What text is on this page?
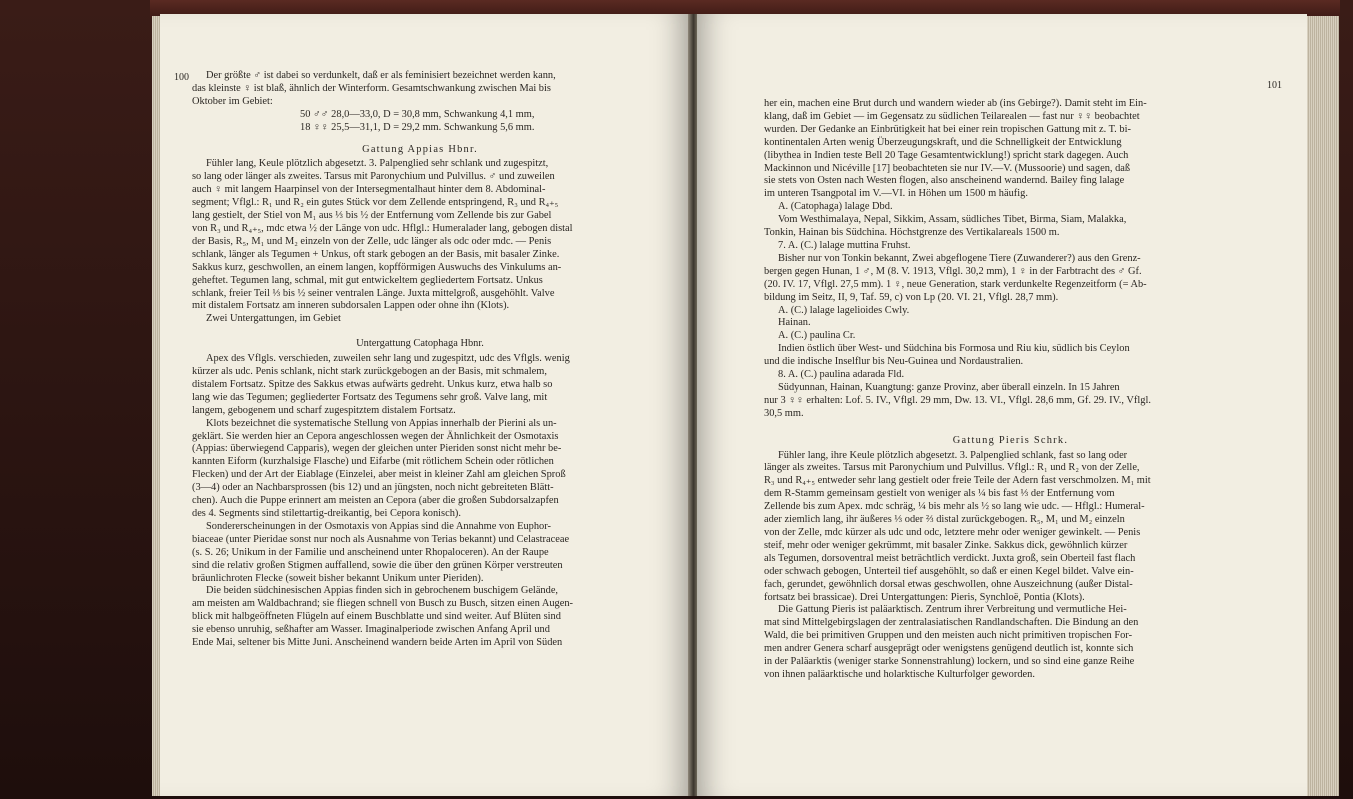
100	Der größte ♂ ist dabei so verdunkelt, daß er als feminisiert bezeichnet werden kann,

das kleinste ♀ ist blaß, ähnlich der Winterform. Gesamtschwankung zwischen Mai bis

Oktober im Gebiet:

50 ♂♂ 28,0—33,0, D = 30,8 mm, Schwankung 4,1 mm,

18 ♀♀ 25,5—31,1, D = 29,2 mm. Schwankung 5,6 mm.

Gattung Appias Hbnr.

Fühler lang, Keule plötzlich abgesetzt. 3. Palpenglied sehr schlank und zugespitzt,

so lang oder länger als zweites. Tarsus mit Paronychium und Pulvillus. ♂ und zuweilen

auch ♀ mit langem Haarpinsel von der Intersegmentalhaut hinter dem 8. Abdominal-

segment; Vflgl.: R₁ und R₂ ein gutes Stück vor dem Zellende entspringend, R₃ und R₄₊₅

lang gestielt, der Stiel von M₁ aus ⅓ bis ½ der Entfernung vom Zellende bis zur Gabel

von R₃ und R₄₊₅, mdc etwa ½ der Länge von udc. Hflgl.: Humeralader lang, gebogen distal

der Basis, R₅, M₁ und M₂ einzeln von der Zelle, udc länger als odc oder mdc. — Penis

schlank, länger als Tegumen + Unkus, oft stark gebogen an der Basis, mit basaler Zinke.

Sakkus kurz, geschwollen, an einem langen, kopfförmigen Auswuchs des Vinkulums an-

geheftet. Tegumen lang, schmal, mit gut entwickeltem gegliedertem Fortsatz. Unkus

schlank, freier Teil ⅓ bis ½ seiner ventralen Länge. Juxta mittelgroß, ausgehöhlt. Valve

mit distalem Fortsatz am inneren subdorsalen Lappen oder ohne ihn (Klots).

Zwei Untergattungen, im Gebiet

Untergattung Catophaga Hbnr.

Apex des Vflgls. verschieden, zuweilen sehr lang und zugespitzt, udc des Vflgls. wenig

kürzer als udc. Penis schlank, nicht stark zurückgebogen an der Basis, mit schmalem,

distalem Fortsatz. Spitze des Sakkus etwas aufwärts gedreht. Unkus kurz, etwa halb so

lang wie das Tegumen; gegliederter Fortsatz des Tegumens sehr groß. Valve lang, mit

langem, gebogenem und scharf zugespitztem distalem Fortsatz.

Klots bezeichnet die systematische Stellung von Appias innerhalb der Pierini als un-

geklärt. Sie werden hier an Cepora angeschlossen wegen der Ähnlichkeit der Osmotaxis

(Appias: überwiegend Capparis), wegen der gleichen unter Pieriden sonst nicht mehr be-

kannten Eiform (kurzhalsige Flasche) und Eifarbe (mit rötlichem Schein oder rötlichen

Flecken) und der Art der Eiablage (Einzelei, aber meist in kleiner Zahl am gleichen Sproß

(3—4) oder an Nachbarsprossen (bis 12) und an jüngsten, noch nicht gebreiteten Blätt-

chen). Auch die Puppe erinnert am meisten an Cepora (aber die großen Subdorsalzapfen

des 4. Segments sind stilettartig-dreikantig, bei Cepora konisch).

Sondererscheinungen in der Osmotaxis von Appias sind die Annahme von Euphor-

biaceae (unter Pieridae sonst nur noch als Ausnahme von Terias bekannt) und Celastraceae

(s. S. 26; Unikum in der Familie und anscheinend unter Rhopaloceren). An der Raupe

sind die relativ großen Stigmen auffallend, sowie die über den grünen Körper verstreuten

bräunlichroten Flecke (soweit bisher bekannt Unikum unter Pieriden).

Die beiden südchinesischen Appias finden sich in gebrochenem buschigem Gelände,

am meisten am Waldbachrand; sie fliegen schnell von Busch zu Busch, sitzen einen Augen-

blick mit halbgeöffneten Flügeln auf einem Buschblatte und sind weiter. Auf Blüten sind

sie ebenso unruhig, seßhafter am Wasser. Imaginalperiode zwischen Anfang April und

Ende Mai, seltener bis Mitte Juni. Anscheinend wandern beide Arten im April von Süden

101

her ein, machen eine Brut durch und wandern wieder ab (ins Gebirge?). Damit steht im Ein-

klang, daß im Gebiet — im Gegensatz zu südlichen Teilarealen — fast nur ♀♀ beobachtet

wurden. Der Gedanke an Einbrütigkeit hat bei einer rein tropischen Gattung mit z. T. bi-

kontinentalen Arten wenig Überzeugungskraft, und die Schnelligkeit der Entwicklung

(libythea in Indien teste Bell 20 Tage Gesamtentwicklung!) spricht stark dagegen. Auch

Mackinnon und Nicéville [17] beobachteten sie nur IV.—V. (Mussoorie) und sagen, daß

sie stets von Osten nach Westen flogen, also anscheinend wandernd. Bailey fing lalage

im unteren Tsangpotal im V.—VI. in Höhen um 1500 m häufig.

A. (Catophaga) lalage Dbd.

Vom Westhimalaya, Nepal, Sikkim, Assam, südliches Tibet, Birma, Siam, Malakka,

Tonkin, Hainan bis Südchina. Höchstgrenze des Vertikalareals 1500 m.

7. A. (C.) lalage muttina Fruhst.

Bisher nur von Tonkin bekannt, Zwei abgeflogene Tiere (Zuwanderer?) aus den Grenz-

bergen gegen Hunan, 1 ♂, M (8. V. 1913, Vflgl. 30,2 mm), 1 ♀ in der Farbtracht des ♂ Gf.

(20. IV. 17, Vflgl. 27,5 mm). 1 ♀, neue Generation, stark verdunkelte Regenzeitform (= Ab-

bildung im Seitz, II, 9, Taf. 59, c) von Lp (20. VI. 21, Vflgl. 28,7 mm).

A. (C.) lalage lagelioides Cwly.

Hainan.

A. (C.) paulina Cr.

Indien östlich über West- und Südchina bis Formosa und Riu kiu, südlich bis Ceylon

und die indische Inselflur bis Neu-Guinea und Nordaustralien.

8. A. (C.) paulina adarada Fld.

Südyunnan, Hainan, Kuangtung: ganze Provinz, aber überall einzeln. In 15 Jahren

nur 3 ♀♀ erhalten: Lof. 5. IV., Vflgl. 29 mm, Dw. 13. VI., Vflgl. 28,6 mm, Gf. 29. IV., Vflgl.

30,5 mm.

Gattung Pieris Schrk.

Fühler lang, ihre Keule plötzlich abgesetzt. 3. Palpenglied schlank, fast so lang oder

länger als zweites. Tarsus mit Paronychium und Pulvillus. Vflgl.: R₁ und R₂ von der Zelle,

R₃ und R₄₊₅ entweder sehr lang gestielt oder freie Teile der Adern fast verschmolzen. M₁ mit

dem R-Stamm gemeinsam gestielt von weniger als ¼ bis fast ⅓ der Entfernung vom

Zellende bis zum Apex. mdc schräg, ¼ bis mehr als ½ so lang wie udc. — Hflgl.: Humeral-

ader ziemlich lang, ihr äußeres ⅓ oder ⅔ distal zurückgebogen. R₅, M₁ und M₂ einzeln

von der Zelle, mdc kürzer als udc und odc, letztere mehr oder weniger gewinkelt. — Penis

steif, mehr oder weniger gekrümmt, mit basaler Zinke. Sakkus dick, gewöhnlich kürzer

als Tegumen, dorsoventral meist beträchtlich verdickt. Juxta groß, sein Oberteil fast flach

oder schwach gebogen, Unterteil tief ausgehöhlt, so daß er einen Kegel bildet. Valve ein-

fach, gerundet, gewöhnlich dorsal etwas geschwollen, ohne Auszeichnung (außer Distal-

fortsatz bei brassicae). Drei Untergattungen: Pieris, Synchloë, Pontia (Klots).

Die Gattung Pieris ist paläarktisch. Zentrum ihrer Verbreitung und vermutliche Hei-

mat sind Mittelgebirgslagen der zentralasiatischen Randlandschaften. Die Bindung an den

Wald, die bei primitiven Gruppen und den meisten auch nicht primitiven tropischen For-

men andrer Genera scharf ausgeprägt oder wenigstens genügend deutlich ist, konnte sich

in der Paläarktis (weniger starke Sonnenstrahlung) lockern, und so sind eine ganze Reihe

von ihnen paläarktische und holarktische Kulturfolger geworden.
